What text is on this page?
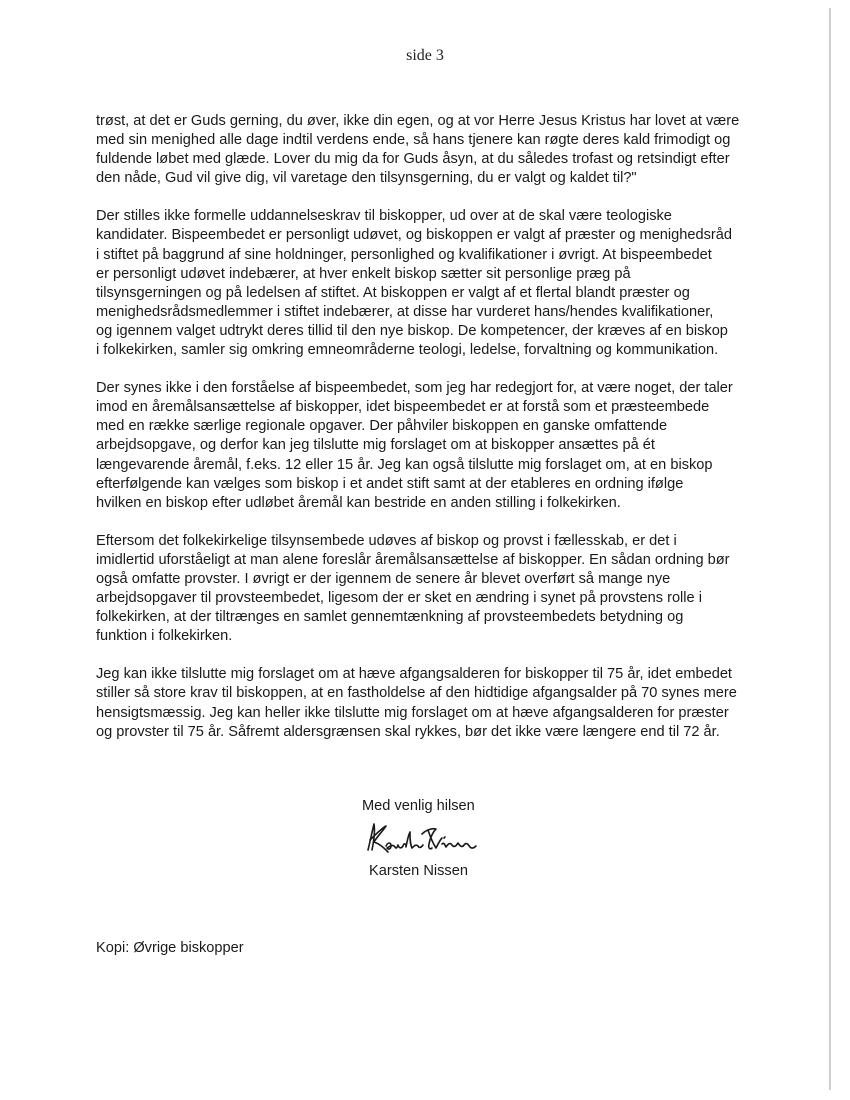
side 3

trøst, at det er Guds gerning, du øver, ikke din egen, og at vor Herre Jesus Kristus har lovet at være
med sin menighed alle dage indtil verdens ende, så hans tjenere kan røgte deres kald frimodigt og
fuldende løbet med glæde. Lover du mig da for Guds åsyn, at du således trofast og retsindigt efter
den nåde, Gud vil give dig, vil varetage den tilsynsgerning, du er valgt og kaldet til?"

Der stilles ikke formelle uddannelseskrav til biskopper, ud over at de skal være teologiske
kandidater. Bispeembedet er personligt udøvet, og biskoppen er valgt af præster og menighedsråd
i stiftet på baggrund af sine holdninger, personlighed og kvalifikationer i øvrigt. At bispeembedet
er personligt udøvet indebærer, at hver enkelt biskop sætter sit personlige præg på
tilsynsgerningen og på ledelsen af stiftet. At biskoppen er valgt af et flertal blandt præster og
menighedsrådsmedlemmer i stiftet indebærer, at disse har vurderet hans/hendes kvalifikationer,
og igennem valget udtrykt deres tillid til den nye biskop. De kompetencer, der kræves af en biskop
i folkekirken, samler sig omkring emneområderne teologi, ledelse, forvaltning og kommunikation.

Der synes ikke i den forståelse af bispeembedet, som jeg har redegjort for, at være noget, der taler
imod en åremålsansættelse af biskopper, idet bispeembedet er at forstå som et præsteembede
med en række særlige regionale opgaver. Der påhviler biskoppen en ganske omfattende
arbejdsopgave, og derfor kan jeg tilslutte mig forslaget om at biskopper ansættes på ét
længevarende åremål, f.eks. 12 eller 15 år. Jeg kan også tilslutte mig forslaget om, at en biskop
efterfølgende kan vælges som biskop i et andet stift samt at der etableres en ordning ifølge
hvilken en biskop efter udløbet åremål kan bestride en anden stilling i folkekirken.

Eftersom det folkekirkelige tilsynsembede udøves af biskop og provst i fællesskab, er det i
imidlertid uforståeligt at man alene foreslår åremålsansættelse af biskopper. En sådan ordning bør
også omfatte provster. I øvrigt er der igennem de senere år blevet overført så mange nye
arbejdsopgaver til provsteembedet, ligesom der er sket en ændring i synet på provstens rolle i
folkekirken, at der tiltrænges en samlet gennemtænkning af provsteembedets betydning og
funktion i folkekirken.

Jeg kan ikke tilslutte mig forslaget om at hæve afgangsalderen for biskopper til 75 år, idet embedet
stiller så store krav til biskoppen, at en fastholdelse af den hidtidige afgangsalder på 70 synes mere
hensigtsmæssig. Jeg kan heller ikke tilslutte mig forslaget om at hæve afgangsalderen for præster
og provster til 75 år. Såfremt aldersgrænsen skal rykkes, bør det ikke være længere end til 72 år.

Med venlig hilsen
Karsten Nissen
Kopi: Øvrige biskopper
